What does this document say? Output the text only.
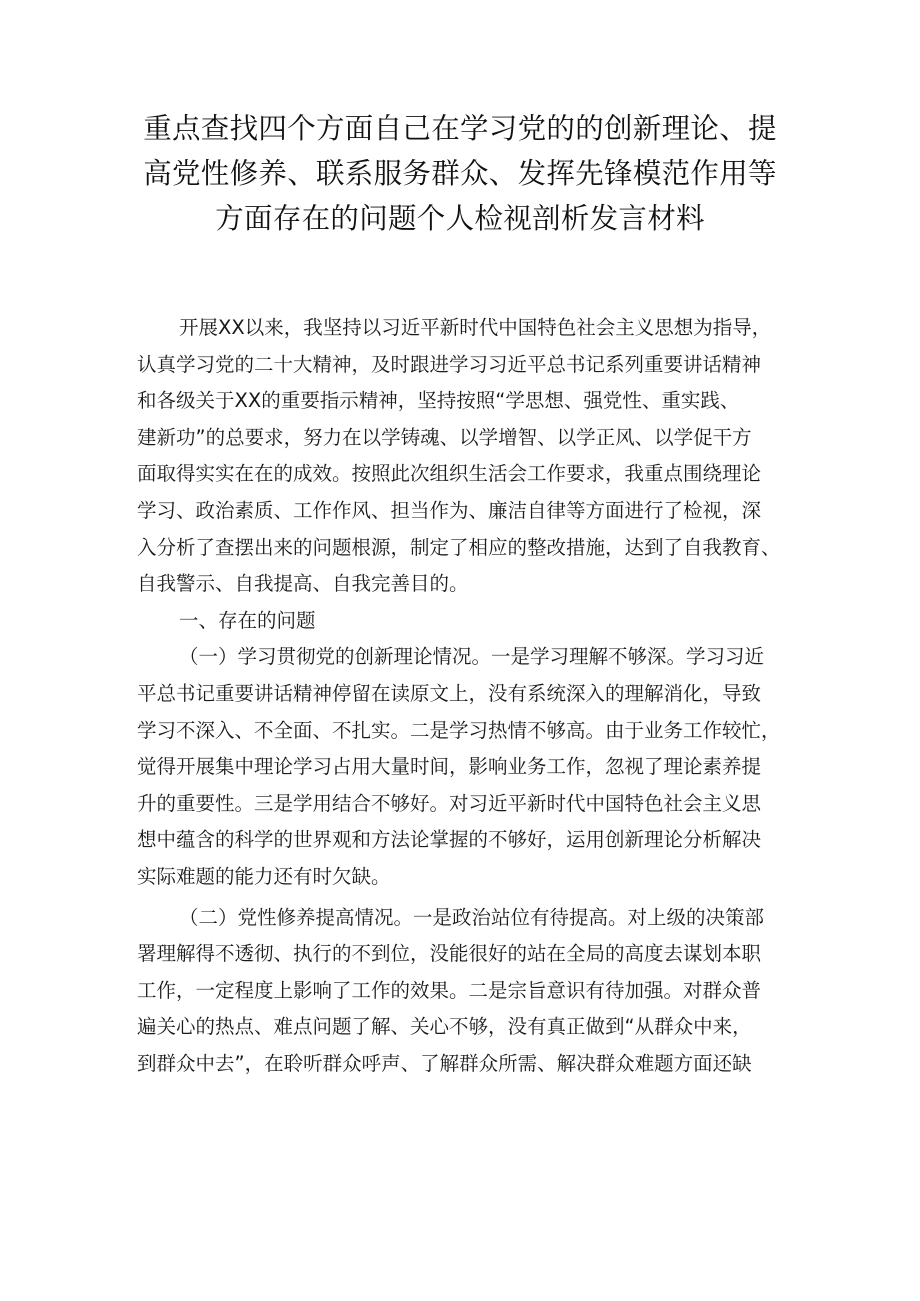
重点查找四个方面自己在学习党的的创新理论、提
高党性修养、联系服务群众、发挥先锋模范作用等
方面存在的问题个人检视剖析发言材料
开展XX以来，我坚持以习近平新时代中国特色社会主义思想为指导，
认真学习党的二十大精神，及时跟进学习习近平总书记系列重要讲话精神
和各级关于XX的重要指示精神，坚持按照“学思想、强党性、重实践、
建新功”的总要求，努力在以学铸魂、以学增智、以学正风、以学促干方
面取得实实在在的成效。按照此次组织生活会工作要求，我重点围绕理论
学习、政治素质、工作作风、担当作为、廉洁自律等方面进行了检视，深
入分析了查摆出来的问题根源，制定了相应的整改措施，达到了自我教育、
自我警示、自我提高、自我完善目的。
一、存在的问题
（一）学习贯彻党的创新理论情况。一是学习理解不够深。学习习近
平总书记重要讲话精神停留在读原文上，没有系统深入的理解消化，导致
学习不深入、不全面、不扎实。二是学习热情不够高。由于业务工作较忙，
觉得开展集中理论学习占用大量时间，影响业务工作，忽视了理论素养提
升的重要性。三是学用结合不够好。对习近平新时代中国特色社会主义思
想中蕴含的科学的世界观和方法论掌握的不够好，运用创新理论分析解决
实际难题的能力还有时欠缺。
（二）党性修养提高情况。一是政治站位有待提高。对上级的决策部
署理解得不透彻、执行的不到位，没能很好的站在全局的高度去谋划本职
工作，一定程度上影响了工作的效果。二是宗旨意识有待加强。对群众普
遍关心的热点、难点问题了解、关心不够，没有真正做到“从群众中来，
到群众中去”，在聆听群众呼声、了解群众所需、解决群众难题方面还缺
